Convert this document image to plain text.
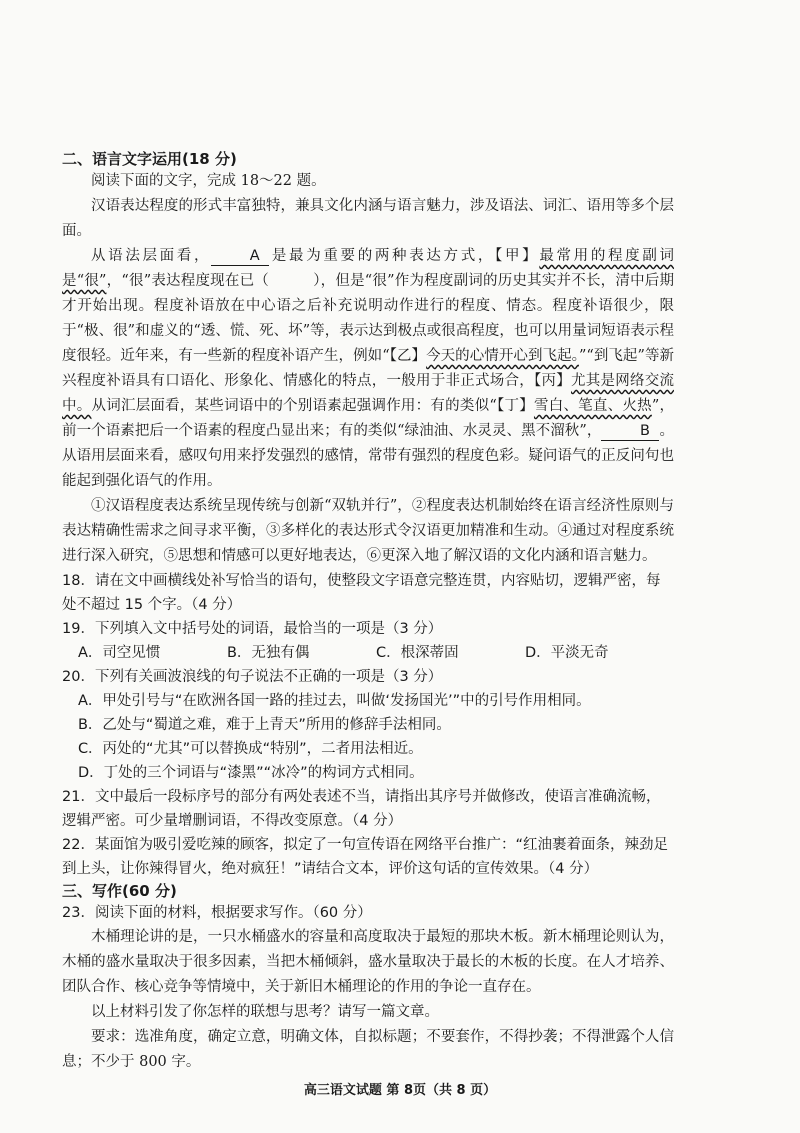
二、语言文字运用(18 分)

阅读下面的文字，完成 18～22 题。

汉语表达程度的形式丰富独特，兼具文化内涵与语言魅力，涉及语法、词汇、语用等多个层面。

从语法层面看，	A 是最为重要的两种表达方式，【甲】最常用的程度副词是“很”，“很”表达程度现在已（	），但是“很”作为程度副词的历史其实并不长，清中后期才开始出现。程度补语放在中心语之后补充说明动作进行的程度、情态。程度补语很少，限于“极、很”和虚义的“透、慌、死、坏”等，表示达到极点或很高程度，也可以用量词短语表示程度很轻。近年来，有一些新的程度补语产生，例如“【乙】今天的心情开心到飞起。”“到飞起”等新兴程度补语具有口语化、形象化、情感化的特点，一般用于非正式场合，【丙】尤其是网络交流中。从词汇层面看，某些词语中的个别语素起强调作用：有的类似“【丁】雪白、笔直、火热”，前一个语素把后一个语素的程度凸显出来；有的类似“绿油油、水灵灵、黑不溜秋”，	B 。从语用层面来看，感叹句用来抒发强烈的感情，常带有强烈的程度色彩。疑问语气的正反问句也能起到强化语气的作用。

①汉语程度表达系统呈现传统与创新“双轨并行”，②程度表达机制始终在语言经济性原则与表达精确性需求之间寻求平衡，③多样化的表达形式令汉语更加精准和生动。④通过对程度系统进行深入研究，⑤思想和情感可以更好地表达，⑥更深入地了解汉语的文化内涵和语言魅力。

18．请在文中画横线处补写恰当的语句，使整段文字语意完整连贯，内容贴切，逻辑严密，每处不超过 15 个字。（4 分）

19．下列填入文中括号处的词语，最恰当的一项是（3 分）

A．司空见惯	B．无独有偶	C．根深蒂固	D．平淡无奇

20．下列有关画波浪线的句子说法不正确的一项是（3 分）

A．甲处引号与“在欧洲各国一路的挂过去，叫做‘发扬国光’”中的引号作用相同。

B．乙处与“蜀道之难，难于上青天”所用的修辞手法相同。

C．丙处的“尤其”可以替换成“特别”，二者用法相近。

D．丁处的三个词语与“漆黑”“冰冷”的构词方式相同。

21．文中最后一段标序号的部分有两处表述不当，请指出其序号并做修改，使语言准确流畅，逻辑严密。可少量增删词语，不得改变原意。（4 分）

22．某面馆为吸引爱吃辣的顾客，拟定了一句宣传语在网络平台推广：“红油裹着面条，辣劲足到上头，让你辣得冒火，绝对疯狂！”请结合文本，评价这句话的宣传效果。（4 分）

三、写作(60 分)

23．阅读下面的材料，根据要求写作。（60 分）

木桶理论讲的是，一只水桶盛水的容量和高度取决于最短的那块木板。新木桶理论则认为，木桶的盛水量取决于很多因素，当把木桶倾斜，盛水量取决于最长的木板的长度。在人才培养、团队合作、核心竞争等情境中，关于新旧木桶理论的作用的争论一直存在。

以上材料引发了你怎样的联想与思考？请写一篇文章。

要求：选准角度，确定立意，明确文体，自拟标题；不要套作，不得抄袭；不得泄露个人信息；不少于 800 字。

高三语文试题 第 8页（共 8 页）
